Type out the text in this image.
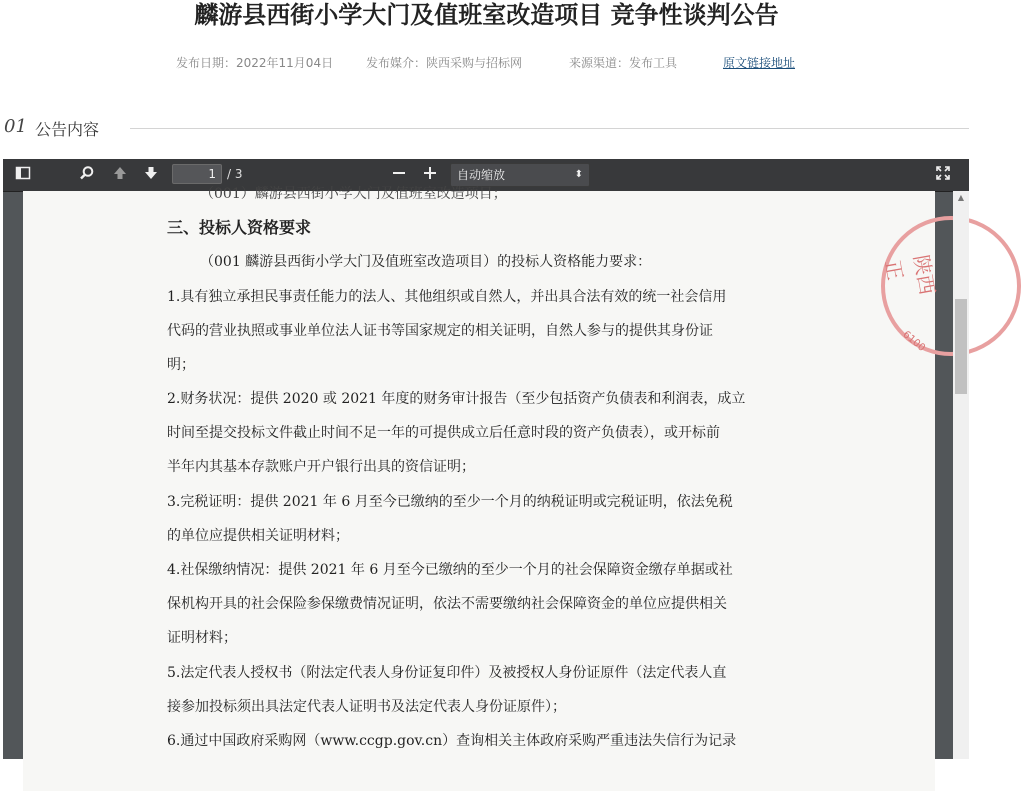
麟游县西街小学大门及值班室改造项目 竞争性谈判公告
发布日期：2022年11月04日	发布媒介：陕西采购与招标网	来源渠道：发布工具	原文链接地址
01 公告内容
1 / 3	自动缩放	⬍
（001）麟游县西街小学大门及值班室改造项目；
三、投标人资格要求
（001 麟游县西街小学大门及值班室改造项目）的投标人资格能力要求：
1.具有独立承担民事责任能力的法人、其他组织或自然人，并出具合法有效的统一社会信用
代码的营业执照或事业单位法人证书等国家规定的相关证明，自然人参与的提供其身份证
明；
2.财务状况：提供 2020 或 2021 年度的财务审计报告（至少包括资产负债表和利润表，成立
时间至提交投标文件截止时间不足一年的可提供成立后任意时段的资产负债表），或开标前
半年内其基本存款账户开户银行出具的资信证明；
3.完税证明：提供 2021 年 6 月至今已缴纳的至少一个月的纳税证明或完税证明，依法免税
的单位应提供相关证明材料；
4.社保缴纳情况：提供 2021 年 6 月至今已缴纳的至少一个月的社会保障资金缴存单据或社
保机构开具的社会保险参保缴费情况证明，依法不需要缴纳社会保障资金的单位应提供相关
证明材料；
5.法定代表人授权书（附法定代表人身份证复印件）及被授权人身份证原件（法定代表人直
接参加投标须出具法定代表人证明书及法定代表人身份证原件）；
6.通过中国政府采购网（www.ccgp.gov.cn）查询相关主体政府采购严重违法失信行为记录
陕西正
6100
▲
